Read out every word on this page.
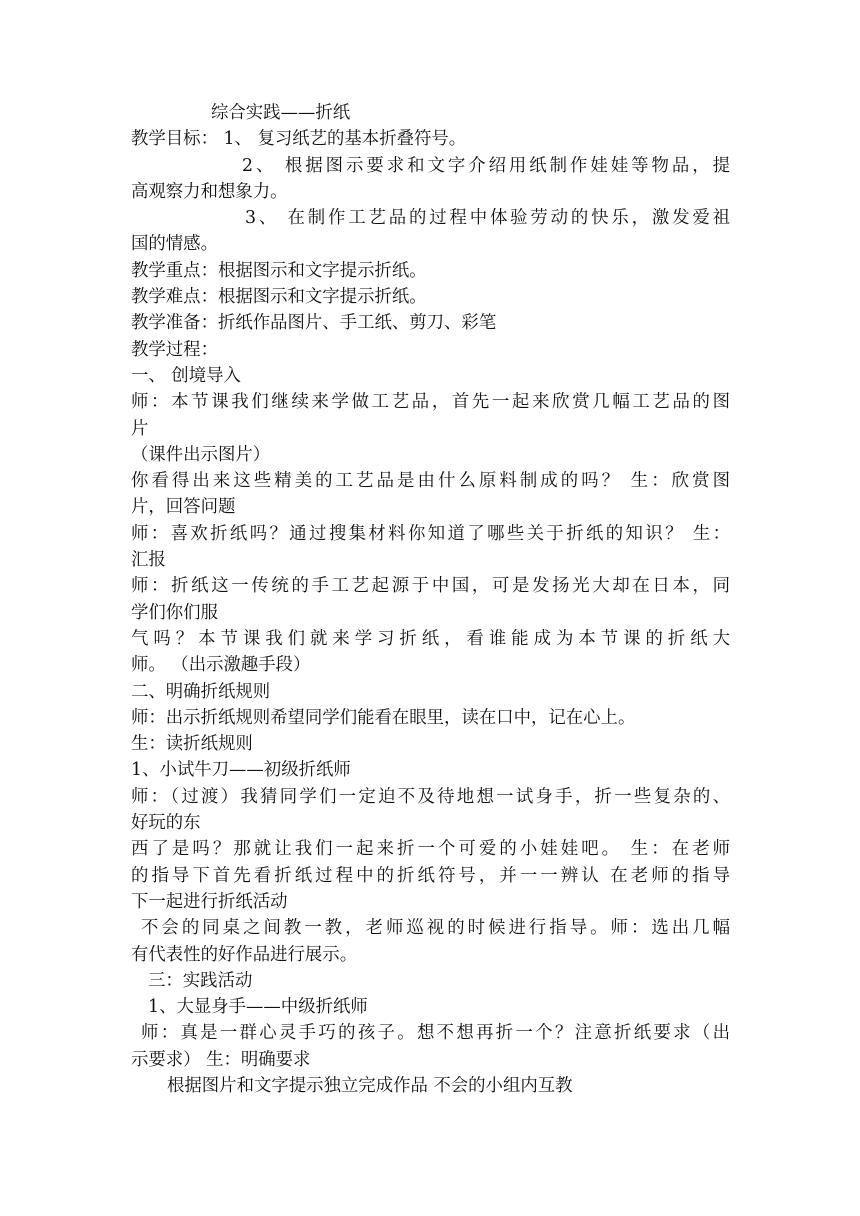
综合实践——折纸

教学目标： 1、 复习纸艺的基本折叠符号。

2、 根据图示要求和文字介绍用纸制作娃娃等物品，提

高观察力和想象力。

3、 在制作工艺品的过程中体验劳动的快乐，激发爱祖

国的情感。

教学重点：根据图示和文字提示折纸。

教学难点：根据图示和文字提示折纸。

教学准备：折纸作品图片、手工纸、剪刀、彩笔

教学过程：

一、 创境导入

师：本节课我们继续来学做工艺品，首先一起来欣赏几幅工艺品的图

片

（课件出示图片）

你看得出来这些精美的工艺品是由什么原料制成的吗？ 生：欣赏图

片，回答问题

师：喜欢折纸吗？通过搜集材料你知道了哪些关于折纸的知识？ 生：

汇报

师：折纸这一传统的手工艺起源于中国，可是发扬光大却在日本，同

学们你们服

气吗？本节课我们就来学习折纸，看谁能成为本节课的折纸大

师。 （出示激趣手段）

二、明确折纸规则

师：出示折纸规则希望同学们能看在眼里，读在口中，记在心上。

生：读折纸规则

1、小试牛刀——初级折纸师

师：（过渡）我猜同学们一定迫不及待地想一试身手，折一些复杂的、

好玩的东

西了是吗？那就让我们一起来折一个可爱的小娃娃吧。 生：在老师

的指导下首先看折纸过程中的折纸符号，并一一辨认 在老师的指导

下一起进行折纸活动

不会的同桌之间教一教，老师巡视的时候进行指导。师：选出几幅

有代表性的好作品进行展示。

三：实践活动

1、大显身手——中级折纸师

师：真是一群心灵手巧的孩子。想不想再折一个？注意折纸要求（出

示要求） 生：明确要求

根据图片和文字提示独立完成作品 不会的小组内互教
